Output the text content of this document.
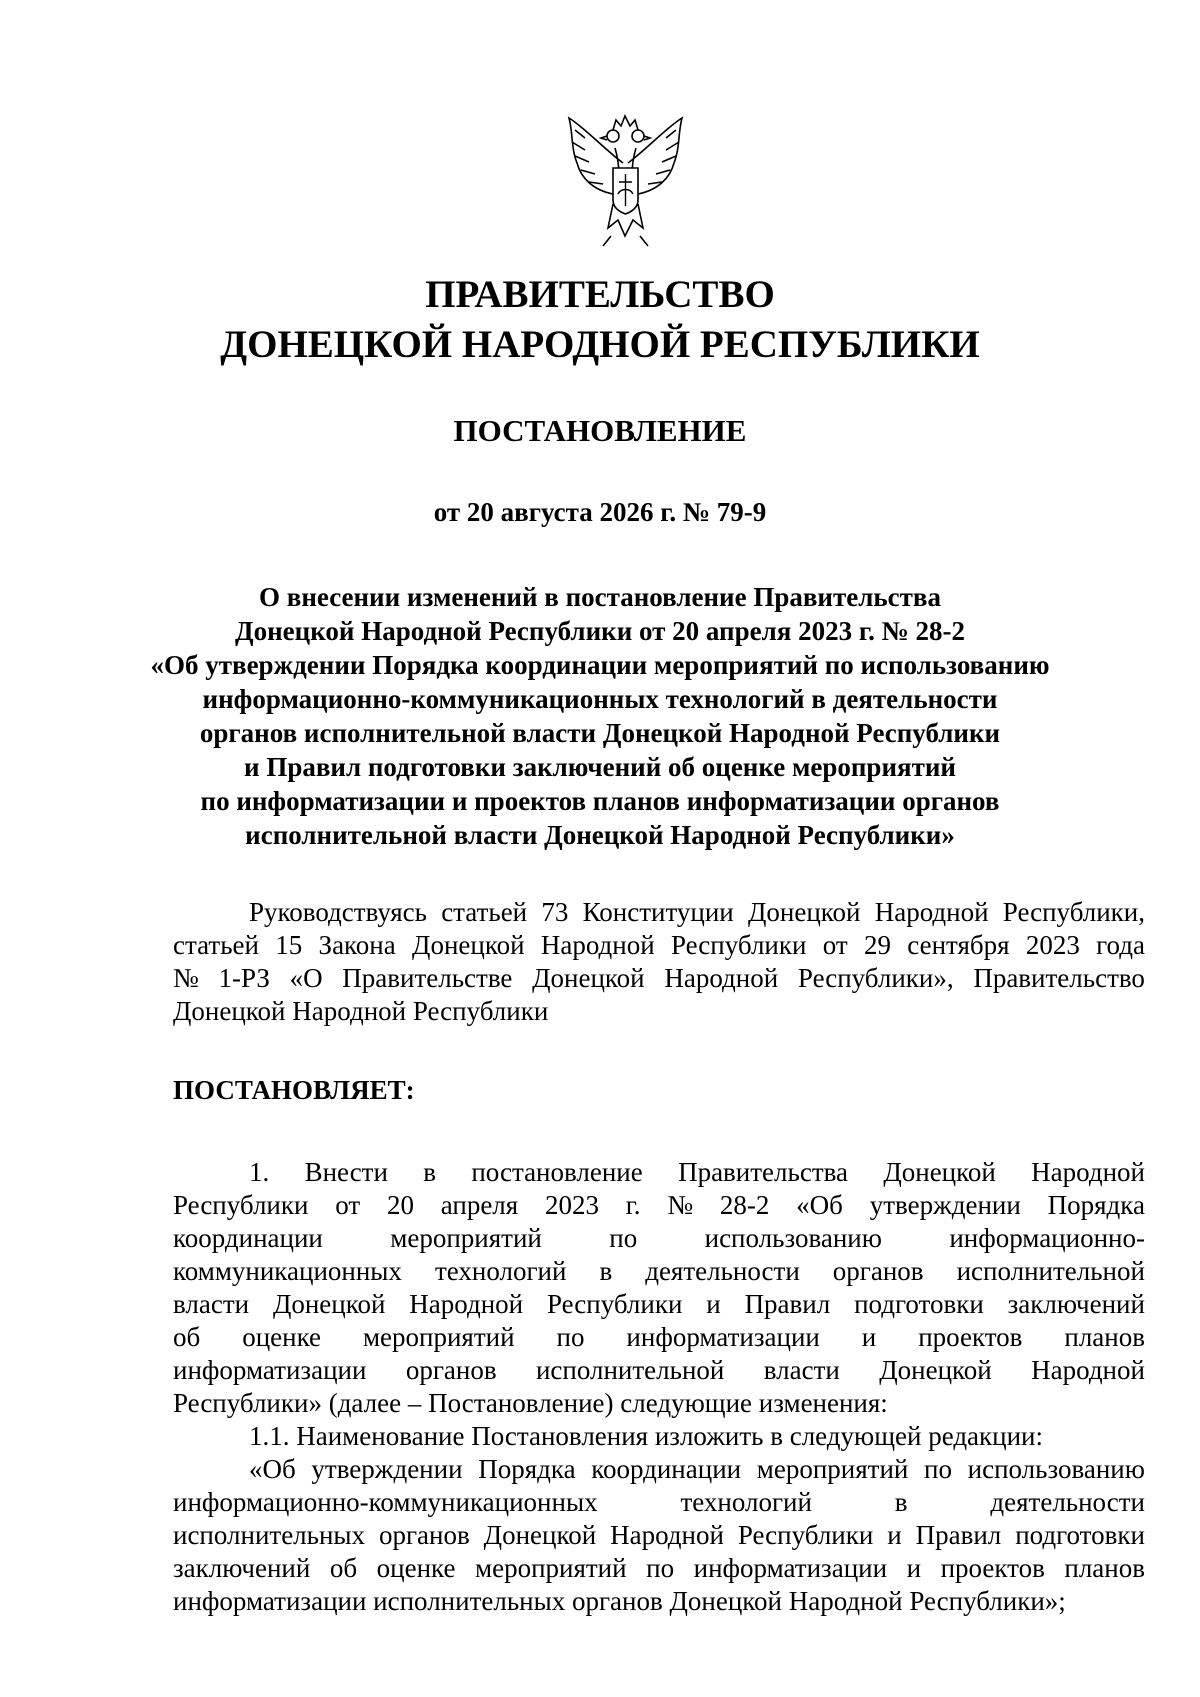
ПРАВИТЕЛЬСТВО
ДОНЕЦКОЙ НАРОДНОЙ РЕСПУБЛИКИ
ПОСТАНОВЛЕНИЕ
от 20 августа 2026 г. № 79-9
О внесении изменений в постановление Правительства
Донецкой Народной Республики от 20 апреля 2023 г. № 28-2
«Об утверждении Порядка координации мероприятий по использованию
информационно-коммуникационных технологий в деятельности
органов исполнительной власти Донецкой Народной Республики
и Правил подготовки заключений об оценке мероприятий
по информатизации и проектов планов информатизации органов
исполнительной власти Донецкой Народной Республики»
Руководствуясь статьей 73 Конституции Донецкой Народной Республики,
статьей 15 Закона Донецкой Народной Республики от 29 сентября 2023 года
№ 1-РЗ «О Правительстве Донецкой Народной Республики», Правительство
Донецкой Народной Республики
ПОСТАНОВЛЯЕТ:
1. Внести в постановление Правительства Донецкой Народной
Республики от 20 апреля 2023 г. № 28-2 «Об утверждении Порядка
координации мероприятий по использованию информационно-
коммуникационных технологий в деятельности органов исполнительной
власти Донецкой Народной Республики и Правил подготовки заключений
об оценке мероприятий по информатизации и проектов планов
информатизации органов исполнительной власти Донецкой Народной
Республики» (далее – Постановление) следующие изменения:
1.1. Наименование Постановления изложить в следующей редакции:
«Об утверждении Порядка координации мероприятий по использованию
информационно-коммуникационных	технологий	в	деятельности
исполнительных органов Донецкой Народной Республики и Правил подготовки
заключений об оценке мероприятий по информатизации и проектов планов
информатизации исполнительных органов Донецкой Народной Республики»;
